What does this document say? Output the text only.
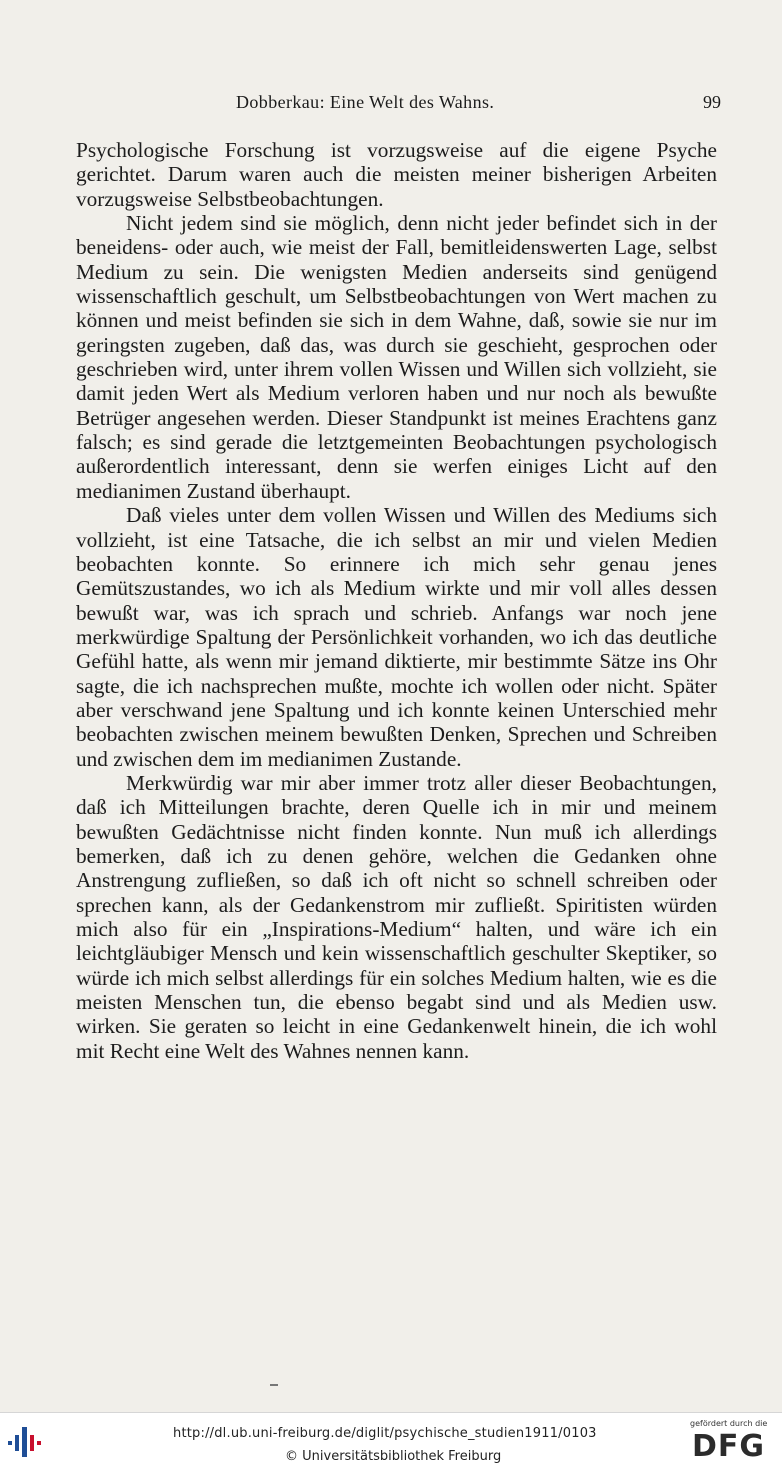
Dobberkau: Eine Welt des Wahns.	99

Psychologische Forschung ist vorzugsweise auf die eigene Psyche gerichtet. Darum waren auch die meisten meiner bisherigen Arbeiten vorzugsweise Selbstbeobachtungen.

Nicht jedem sind sie möglich, denn nicht jeder befindet sich in der beneidens- oder auch, wie meist der Fall, bemitleidenswerten Lage, selbst Medium zu sein. Die wenigsten Medien anderseits sind genügend wissenschaftlich geschult, um Selbstbeobachtungen von Wert machen zu können und meist befinden sie sich in dem Wahne, daß, sowie sie nur im geringsten zugeben, daß das, was durch sie geschieht, gesprochen oder geschrieben wird, unter ihrem vollen Wissen und Willen sich vollzieht, sie damit jeden Wert als Medium verloren haben und nur noch als bewußte Betrüger angesehen werden. Dieser Standpunkt ist meines Erachtens ganz falsch; es sind gerade die letztgemeinten Beobachtungen psychologisch außerordentlich interessant, denn sie werfen einiges Licht auf den medianimen Zustand überhaupt.

Daß vieles unter dem vollen Wissen und Willen des Mediums sich vollzieht, ist eine Tatsache, die ich selbst an mir und vielen Medien beobachten konnte. So erinnere ich mich sehr genau jenes Gemütszustandes, wo ich als Medium wirkte und mir voll alles dessen bewußt war, was ich sprach und schrieb. Anfangs war noch jene merkwürdige Spaltung der Persönlichkeit vorhanden, wo ich das deutliche Gefühl hatte, als wenn mir jemand diktierte, mir bestimmte Sätze ins Ohr sagte, die ich nachsprechen mußte, mochte ich wollen oder nicht. Später aber verschwand jene Spaltung und ich konnte keinen Unterschied mehr beobachten zwischen meinem bewußten Denken, Sprechen und Schreiben und zwischen dem im medianimen Zustande.

Merkwürdig war mir aber immer trotz aller dieser Beobachtungen, daß ich Mitteilungen brachte, deren Quelle ich in mir und meinem bewußten Gedächtnisse nicht finden konnte. Nun muß ich allerdings bemerken, daß ich zu denen gehöre, welchen die Gedanken ohne Anstrengung zufließen, so daß ich oft nicht so schnell schreiben oder sprechen kann, als der Gedankenstrom mir zufließt. Spiritisten würden mich also für ein „Inspirations-Medium“ halten, und wäre ich ein leichtgläubiger Mensch und kein wissenschaftlich geschulter Skeptiker, so würde ich mich selbst allerdings für ein solches Medium halten, wie es die meisten Menschen tun, die ebenso begabt sind und als Medien usw. wirken. Sie geraten so leicht in eine Gedankenwelt hinein, die ich wohl mit Recht eine Welt des Wahnes nennen kann.

http://dl.ub.uni-freiburg.de/diglit/psychische_studien1911/0103
© Universitätsbibliothek Freiburg
gefördert durch die
DFG
